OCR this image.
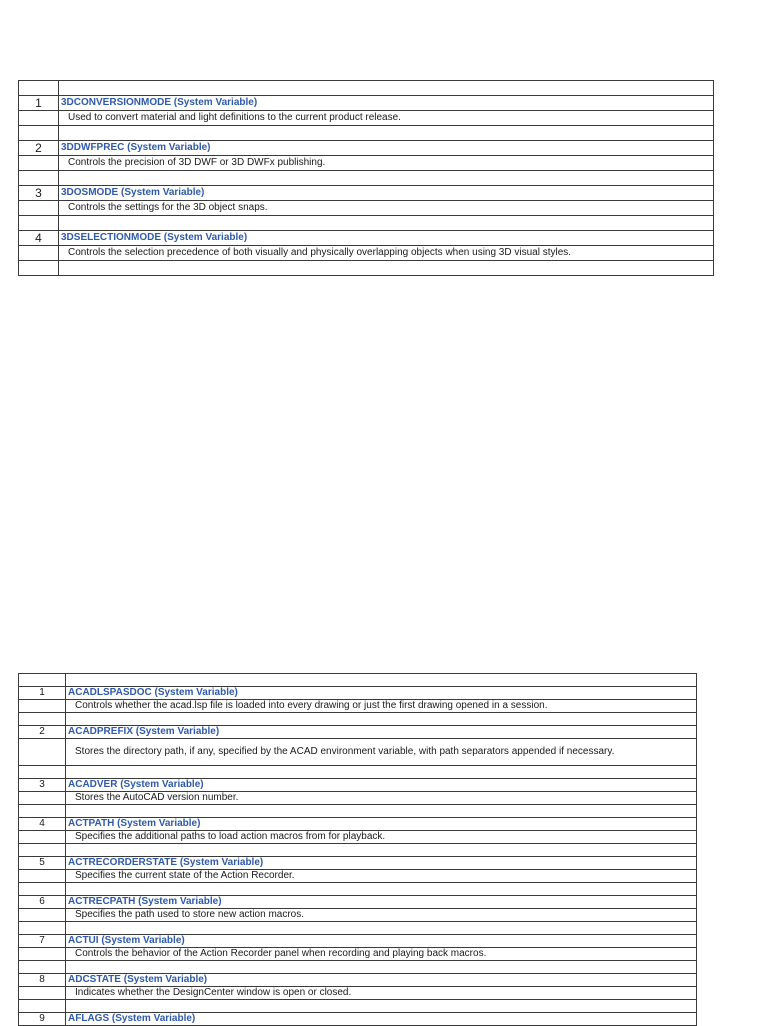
1	3DCONVERSIONMODE (System Variable)
	Used to convert material and light definitions to the current product release.

2	3DDWFPREC (System Variable)
	Controls the precision of 3D DWF or 3D DWFx publishing.

3	3DOSMODE (System Variable)
	Controls the settings for the 3D object snaps.

4	3DSELECTIONMODE (System Variable)
	Controls the selection precedence of both visually and physically overlapping objects when using 3D visual styles.

1	ACADLSPASDOC (System Variable)
	Controls whether the acad.lsp file is loaded into every drawing or just the first drawing opened in a session.

2	ACADPREFIX (System Variable)
	Stores the directory path, if any, specified by the ACAD environment variable, with path separators appended if necessary.

3	ACADVER (System Variable)
	Stores the AutoCAD version number.

4	ACTPATH (System Variable)
	Specifies the additional paths to load action macros from for playback.

5	ACTRECORDERSTATE (System Variable)
	Specifies the current state of the Action Recorder.

6	ACTRECPATH (System Variable)
	Specifies the path used to store new action macros.

7	ACTUI (System Variable)
	Controls the behavior of the Action Recorder panel when recording and playing back macros.

8	ADCSTATE (System Variable)
	Indicates whether the DesignCenter window is open or closed.

9	AFLAGS (System Variable)
